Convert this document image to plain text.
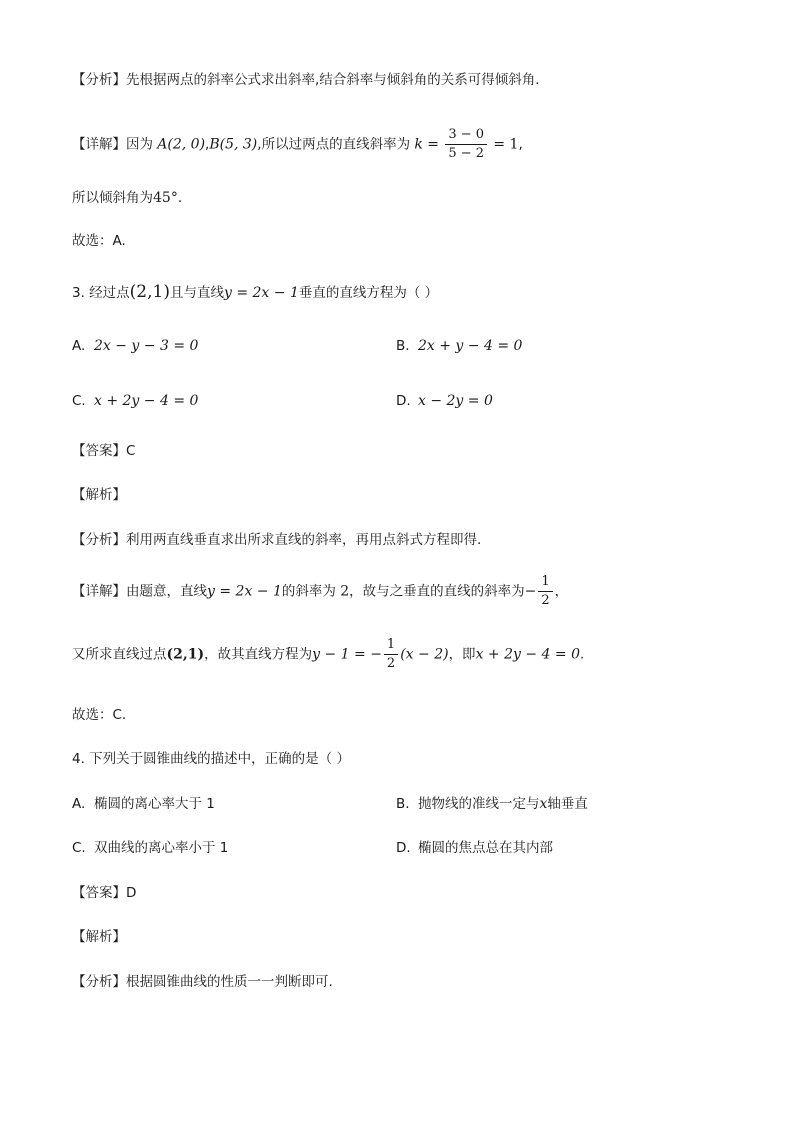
【分析】先根据两点的斜率公式求出斜率,结合斜率与倾斜角的关系可得倾斜角.
【详解】因为 A(2, 0),B(5, 3),所以过两点的直线斜率为 $k = \frac{3 - 0}{5 - 2} = 1$,
所以倾斜角为45°.
故选：A.
3. 经过点(2,1)且与直线y = 2x − 1垂直的直线方程为（ ）
A. 2x − y − 3 = 0	B. 2x + y − 4 = 0
C. x + 2y − 4 = 0	D. x − 2y = 0
【答案】C
【解析】
【分析】利用两直线垂直求出所求直线的斜率，再用点斜式方程即得.
【详解】由题意，直线y = 2x − 1的斜率为 2，故与之垂直的直线的斜率为− $\frac{1}{2}$ ，
又所求直线过点(2,1)，故其直线方程为y − 1 = − $\frac{1}{2} (x - 2)$，即x + 2y − 4 = 0.
故选：C.
4. 下列关于圆锥曲线的描述中，正确的是（ ）
A. 椭圆的离心率大于 1	B. 抛物线的准线一定与x轴垂直
C. 双曲线的离心率小于 1	D. 椭圆的焦点总在其内部
【答案】D
【解析】
【分析】根据圆锥曲线的性质一一判断即可.
